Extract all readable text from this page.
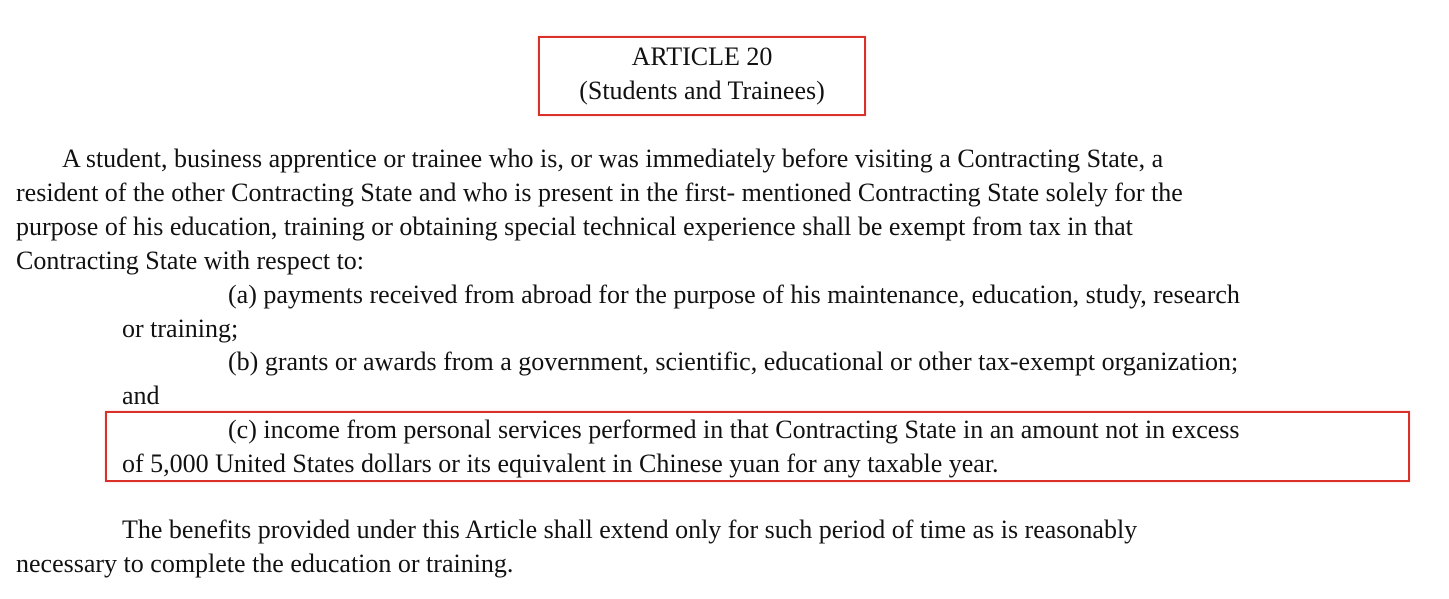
ARTICLE 20
(Students and Trainees)
A student, business apprentice or trainee who is, or was immediately before visiting a Contracting State, a
resident of the other Contracting State and who is present in the first- mentioned Contracting State solely for the
purpose of his education, training or obtaining special technical experience shall be exempt from tax in that
Contracting State with respect to:
(a) payments received from abroad for the purpose of his maintenance, education, study, research
or training;
(b) grants or awards from a government, scientific, educational or other tax-exempt organization;
and
(c) income from personal services performed in that Contracting State in an amount not in excess
of 5,000 United States dollars or its equivalent in Chinese yuan for any taxable year.
The benefits provided under this Article shall extend only for such period of time as is reasonably
necessary to complete the education or training.
